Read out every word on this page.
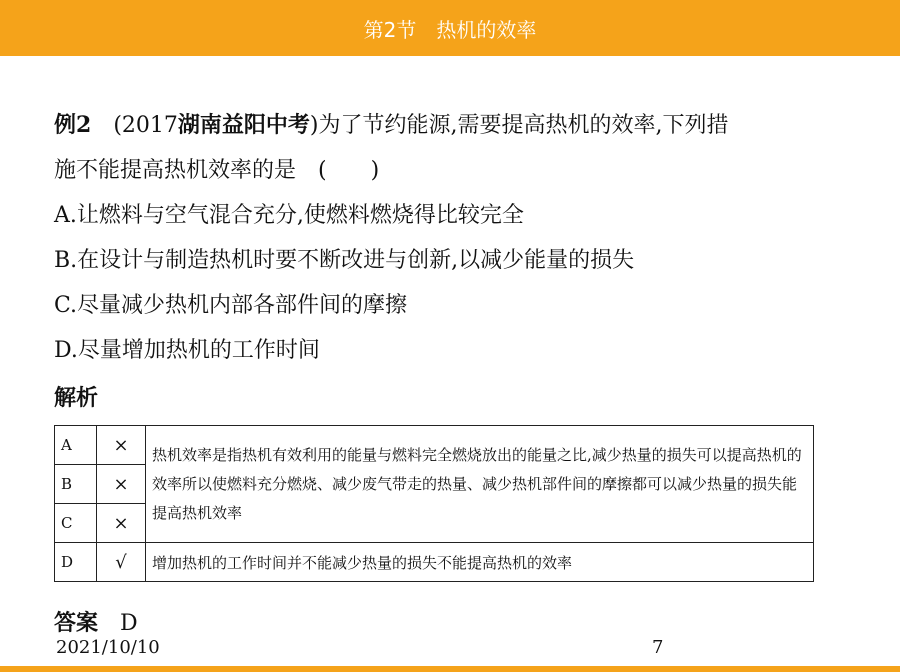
第2节　热机的效率
例2　 (2017湖南益阳中考)为了节约能源,需要提高热机的效率,下列措
施不能提高热机效率的是　(　　)
A.让燃料与空气混合充分,使燃料燃烧得比较完全
B.在设计与制造热机时要不断改进与创新,以减少能量的损失
C.尽量减少热机内部各部件间的摩擦
D.尽量增加热机的工作时间
解析
A	×	热机效率是指热机有效利用的能量与燃料完全燃烧放出的能量之比,减少热量的损失可以提高热机的效率所以使燃料充分燃烧、减少废气带走的热量、减少热机部件间的摩擦都可以减少热量的损失能提高热机效率
B	×	
C	×	
D	√	增加热机的工作时间并不能减少热量的损失不能提高热机的效率
答案　 D
2021/10/10	7
